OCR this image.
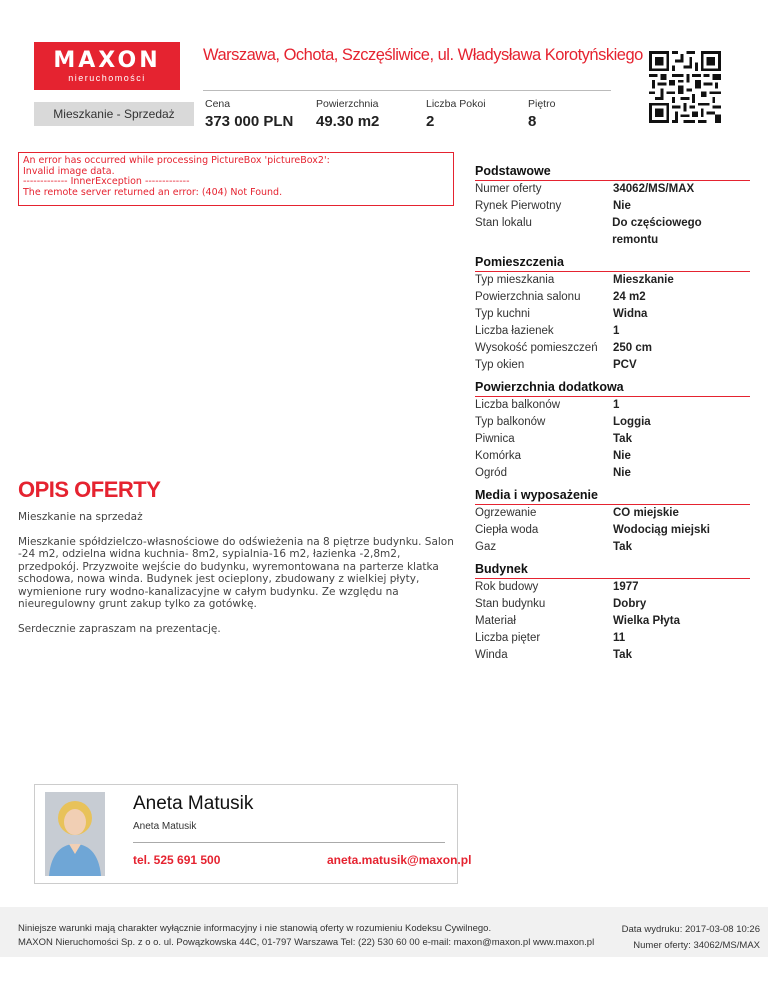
MAXON
nieruchomości
Warszawa, Ochota, Szczęśliwice, ul. Władysława Korotyńskiego
Mieszkanie - Sprzedaż
Cena
373 000 PLN
Powierzchnia
49.30 m2
Liczba Pokoi
2
Piętro
8
An error has occurred while processing PictureBox 'pictureBox2':
Invalid image data.
------------- InnerException -------------
The remote server returned an error: (404) Not Found.
Podstawowe
Numer oferty	34062/MS/MAX
Rynek Pierwotny	Nie
Stan lokalu	Do częściowego remontu
Pomieszczenia
Typ mieszkania	Mieszkanie
Powierzchnia salonu	24 m2
Typ kuchni	Widna
Liczba łazienek	1
Wysokość pomieszczeń	250 cm
Typ okien	PCV
Powierzchnia dodatkowa
Liczba balkonów	1
Typ balkonów	Loggia
Piwnica	Tak
Komórka	Nie
Ogród	Nie
Media i wyposażenie
Ogrzewanie	CO miejskie
Ciepła woda	Wodociąg miejski
Gaz	Tak
Budynek
Rok budowy	1977
Stan budynku	Dobry
Materiał	Wielka Płyta
Liczba pięter	11
Winda	Tak
OPIS OFERTY

Mieszkanie na sprzedaż

Mieszkanie spółdzielczo-własnościowe do odświeżenia na 8 piętrze budynku. Salon -24 m2, odzielna widna kuchnia- 8m2, sypialnia-16 m2, łazienka -2,8m2, przedpokój. Przyzwoite wejście do budynku, wyremontowana na parterze klatka schodowa, nowa winda. Budynek jest ocieplony, zbudowany z wielkiej płyty, wymienione rury wodno-kanalizacyjne w całym budynku. Ze względu na nieuregulowny grunt zakup tylko za gotówkę.

Serdecznie zapraszam na prezentację.

Aneta Matusik
Aneta Matusik
tel. 525 691 500	aneta.matusik@maxon.pl
Niniejsze warunki mają charakter wyłącznie informacyjny i nie stanowią oferty w rozumieniu Kodeksu Cywilnego.
MAXON Nieruchomości Sp. z o o. ul. Powązkowska 44C, 01-797 Warszawa Tel: (22) 530 60 00 e-mail: maxon@maxon.pl www.maxon.pl
Data wydruku: 2017-03-08 10:26
Numer oferty: 34062/MS/MAX
